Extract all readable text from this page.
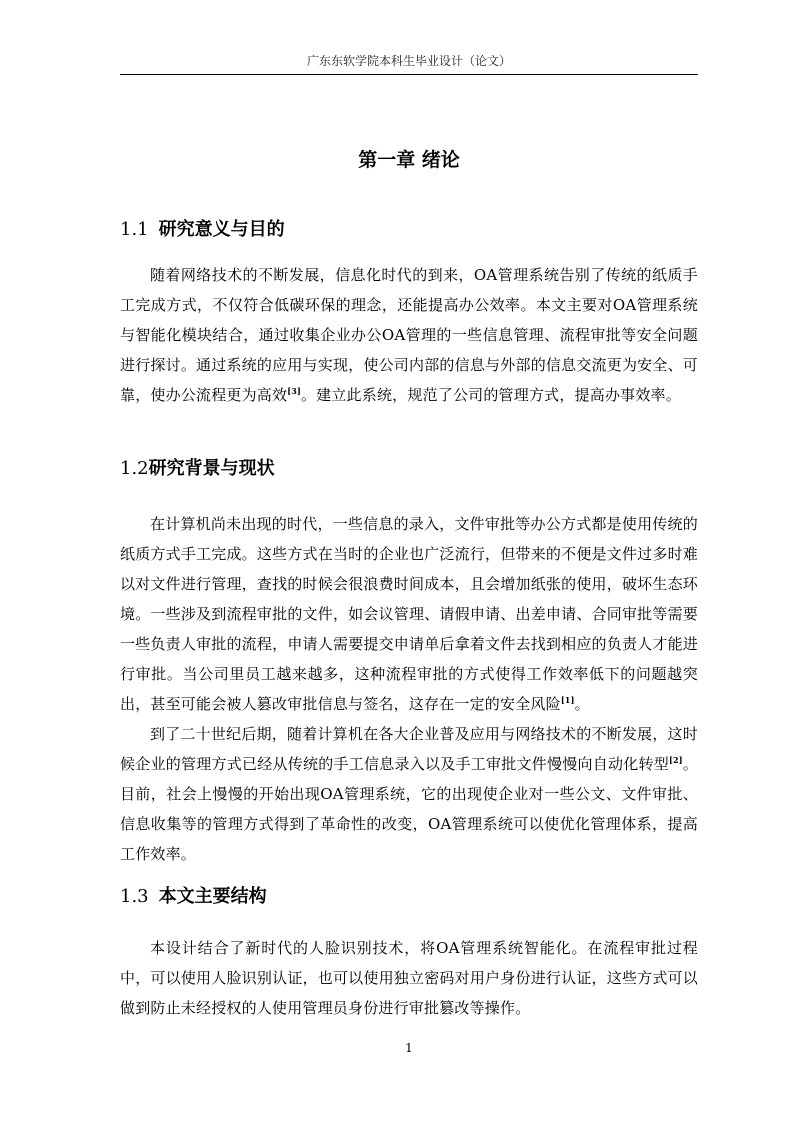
广东东软学院本科生毕业设计（论文）
第一章 绪论
1.1 研究意义与目的
随着网络技术的不断发展，信息化时代的到来，OA管理系统告别了传统的纸质手工完成方式，不仅符合低碳环保的理念，还能提高办公效率。本文主要对OA管理系统与智能化模块结合，通过收集企业办公OA管理的一些信息管理、流程审批等安全问题进行探讨。通过系统的应用与实现，使公司内部的信息与外部的信息交流更为安全、可靠，使办公流程更为高效[3]。建立此系统，规范了公司的管理方式，提高办事效率。
1.2研究背景与现状
在计算机尚未出现的时代，一些信息的录入，文件审批等办公方式都是使用传统的纸质方式手工完成。这些方式在当时的企业也广泛流行，但带来的不便是文件过多时难以对文件进行管理，查找的时候会很浪费时间成本，且会增加纸张的使用，破坏生态环境。一些涉及到流程审批的文件，如会议管理、请假申请、出差申请、合同审批等需要一些负责人审批的流程，申请人需要提交申请单后拿着文件去找到相应的负责人才能进行审批。当公司里员工越来越多，这种流程审批的方式使得工作效率低下的问题越突出，甚至可能会被人篡改审批信息与签名，这存在一定的安全风险[1]。
到了二十世纪后期，随着计算机在各大企业普及应用与网络技术的不断发展，这时候企业的管理方式已经从传统的手工信息录入以及手工审批文件慢慢向自动化转型[2]。目前，社会上慢慢的开始出现OA管理系统，它的出现使企业对一些公文、文件审批、信息收集等的管理方式得到了革命性的改变，OA管理系统可以使优化管理体系，提高工作效率。
1.3 本文主要结构
本设计结合了新时代的人脸识别技术，将OA管理系统智能化。在流程审批过程中，可以使用人脸识别认证，也可以使用独立密码对用户身份进行认证，这些方式可以做到防止未经授权的人使用管理员身份进行审批篡改等操作。
1
